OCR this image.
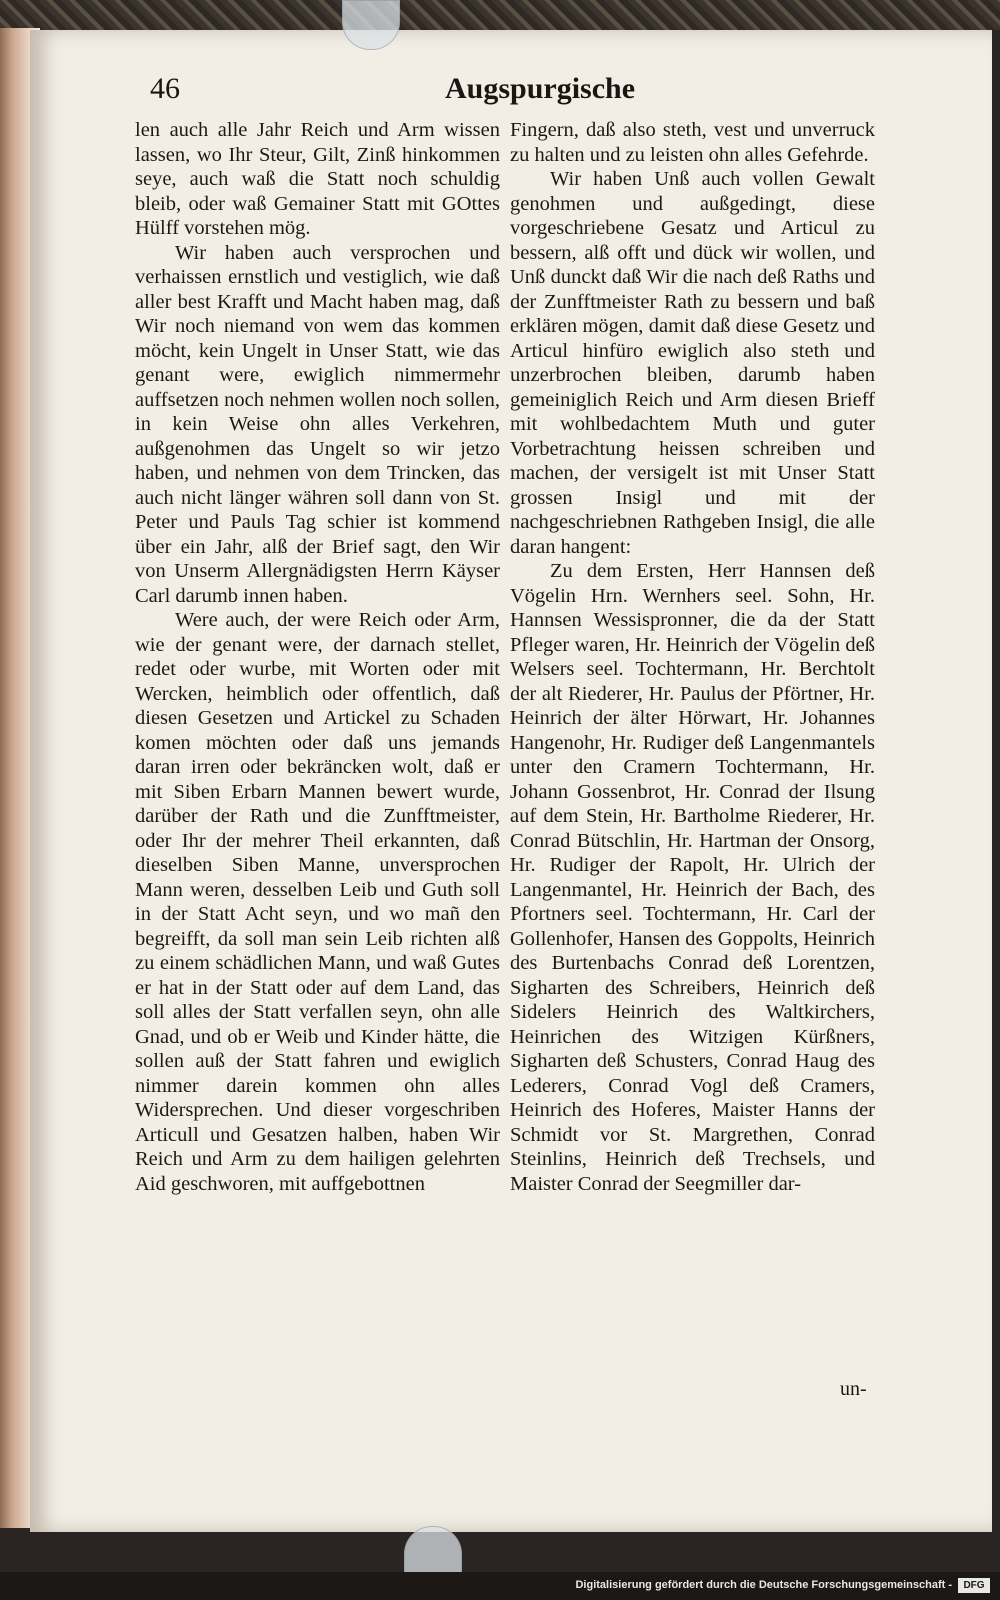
46	Augspurgische

len auch alle Jahr Reich und Arm wissen lassen, wo Ihr Steur, Gilt, Zinß hinkommen seye, auch waß die Statt noch schuldig bleib, oder waß Gemainer Statt mit GOttes Hülff vorstehen mög.

Wir haben auch versprochen und verhaissen ernstlich und vestiglich, wie daß aller best Krafft und Macht haben mag, daß Wir noch niemand von wem das kommen möcht, kein Ungelt in Unser Statt, wie das genant were, ewiglich nimmermehr auffsetzen noch nehmen wollen noch sollen, in kein Weise ohn alles Verkehren, außgenohmen das Ungelt so wir jetzo haben, und nehmen von dem Trincken, das auch nicht länger währen soll dann von St. Peter und Pauls Tag schier ist kommend über ein Jahr, alß der Brief sagt, den Wir von Unserm Allergnädigsten Herrn Käyser Carl darumb innen haben.

Were auch, der were Reich oder Arm, wie der genant were, der darnach stellet, redet oder wurbe, mit Worten oder mit Wercken, heimblich oder offentlich, daß diesen Gesetzen und Artickel zu Schaden komen möchten oder daß uns jemands daran irren oder bekräncken wolt, daß er mit Siben Erbarn Mannen bewert wurde, darüber der Rath und die Zunfftmeister, oder Ihr der mehrer Theil erkannten, daß dieselben Siben Manne, unversprochen Mann weren, desselben Leib und Guth soll in der Statt Acht seyn, und wo mañ den begreifft, da soll man sein Leib richten alß zu einem schädlichen Mann, und waß Gutes er hat in der Statt oder auf dem Land, das soll alles der Statt verfallen seyn, ohn alle Gnad, und ob er Weib und Kinder hätte, die sollen auß der Statt fahren und ewiglich nimmer darein kommen ohn alles Widersprechen. Und dieser vorgeschriben Articull und Gesatzen halben, haben Wir Reich und Arm zu dem hailigen gelehrten Aid geschworen, mit auffgebottnen

Fingern, daß also steth, vest und unverruck zu halten und zu leisten ohn alles Gefehrde.

Wir haben Unß auch vollen Gewalt genohmen und außgedingt, diese vorgeschriebene Gesatz und Articul zu bessern, alß offt und dück wir wollen, und Unß dunckt daß Wir die nach deß Raths und der Zunfftmeister Rath zu bessern und baß erklären mögen, damit daß diese Gesetz und Articul hinfüro ewiglich also steth und unzerbrochen bleiben, darumb haben gemeiniglich Reich und Arm diesen Brieff mit wohlbedachtem Muth und guter Vorbetrachtung heissen schreiben und machen, der versigelt ist mit Unser Statt grossen Insigl und mit der nachgeschriebnen Rathgeben Insigl, die alle daran hangent:

Zu dem Ersten, Herr Hannsen deß Vögelin Hrn. Wernhers seel. Sohn, Hr. Hannsen Wessispronner, die da der Statt Pfleger waren, Hr. Heinrich der Vögelin deß Welsers seel. Tochtermann, Hr. Berchtolt der alt Riederer, Hr. Paulus der Pförtner, Hr. Heinrich der älter Hörwart, Hr. Johannes Hangenohr, Hr. Rudiger deß Langenmantels unter den Cramern Tochtermann, Hr. Johann Gossenbrot, Hr. Conrad der Ilsung auf dem Stein, Hr. Bartholme Riederer, Hr. Conrad Bütschlin, Hr. Hartman der Onsorg, Hr. Rudiger der Rapolt, Hr. Ulrich der Langenmantel, Hr. Heinrich der Bach, des Pfortners seel. Tochtermann, Hr. Carl der Gollenhofer, Hansen des Goppolts, Heinrich des Burtenbachs Conrad deß Lorentzen, Sigharten des Schreibers, Heinrich deß Sidelers Heinrich des Waltkirchers, Heinrichen des Witzigen Kürßners, Sigharten deß Schusters, Conrad Haug des Lederers, Conrad Vogl deß Cramers, Heinrich des Hoferes, Maister Hanns der Schmidt vor St. Margrethen, Conrad Steinlins, Heinrich deß Trechsels, und Maister Conrad der Seegmiller dar-

un-
Digitalisierung gefördert durch die Deutsche Forschungsgemeinschaft -	DFG
